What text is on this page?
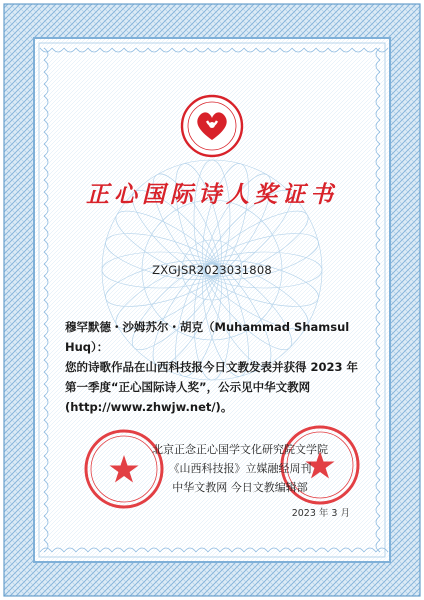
正心国际诗人奖证书

ZXGJSR2023031808

穆罕默德・沙姆苏尔・胡克（Muhammad Shamsul Huq）：

您的诗歌作品在山西科技报今日文教发表并获得 2023 年第一季度“正心国际诗人奖”，公示见中华文教网(http://www.zhwjw.net/)。

北京正念正心国学文化研究院文学院

《山西科技报》立媒融经周刊

中华文教网 今日文教编辑部

2023 年 3 月
